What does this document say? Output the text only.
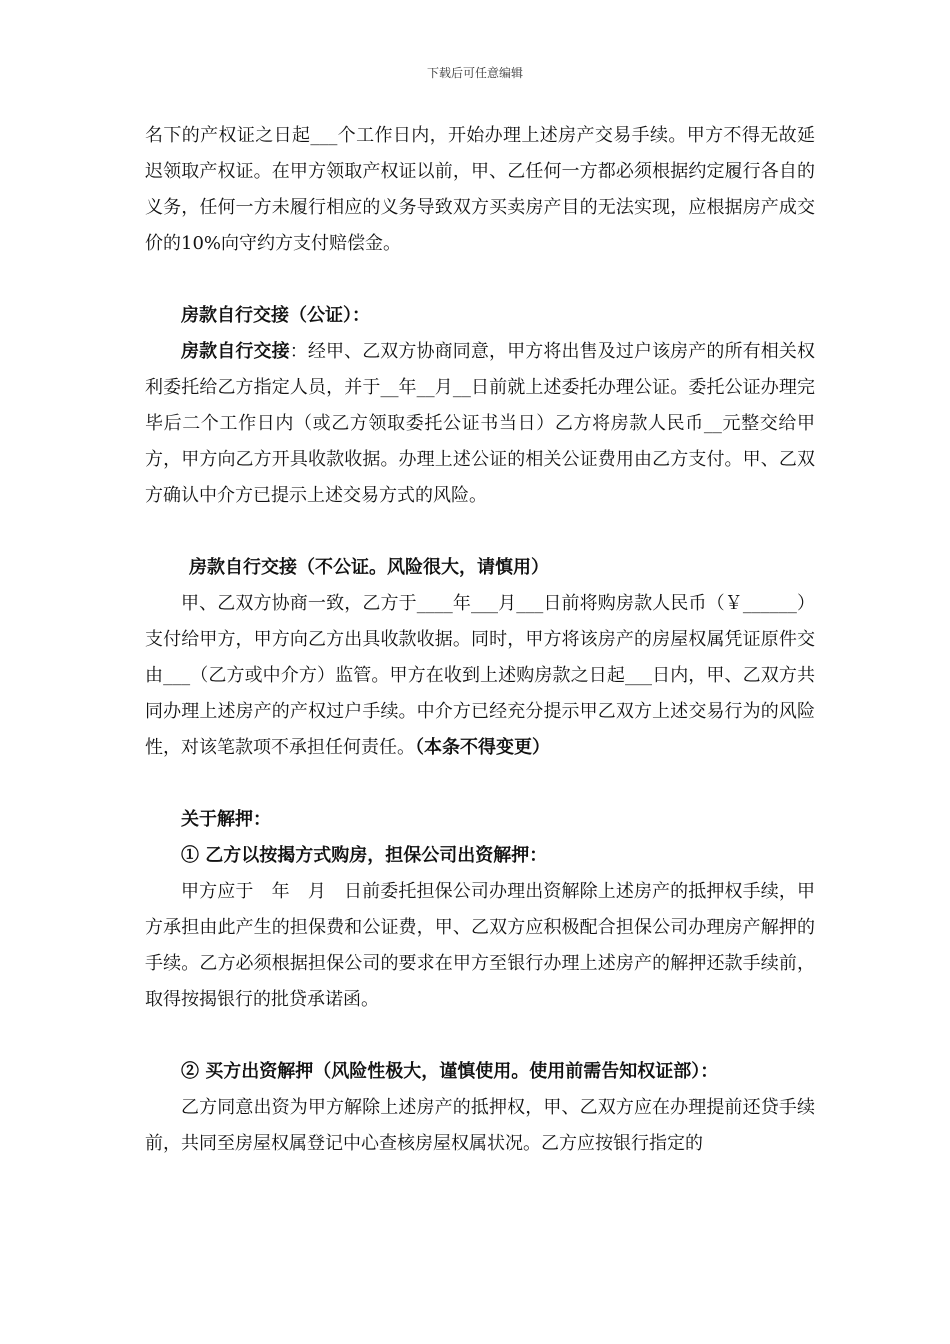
下载后可任意编辑

名下的产权证之日起___个工作日内，开始办理上述房产交易手续。甲方不得无故延迟领取产权证。在甲方领取产权证以前，甲、乙任何一方都必须根据约定履行各自的义务，任何一方未履行相应的义务导致双方买卖房产目的无法实现，应根据房产成交价的10%向守约方支付赔偿金。

房款自行交接（公证）：

房款自行交接：经甲、乙双方协商同意，甲方将出售及过户该房产的所有相关权利委托给乙方指定人员，并于__年__月__日前就上述委托办理公证。委托公证办理完毕后二个工作日内（或乙方领取委托公证书当日）乙方将房款人民币__元整交给甲方，甲方向乙方开具收款收据。办理上述公证的相关公证费用由乙方支付。甲、乙双方确认中介方已提示上述交易方式的风险。

房款自行交接（不公证。风险很大，请慎用）

甲、乙双方协商一致，乙方于____年___月___日前将购房款人民币（￥______）支付给甲方，甲方向乙方出具收款收据。同时，甲方将该房产的房屋权属凭证原件交由___（乙方或中介方）监管。甲方在收到上述购房款之日起___日内，甲、乙双方共同办理上述房产的产权过户手续。中介方已经充分提示甲乙双方上述交易行为的风险性，对该笔款项不承担任何责任。（本条不得变更）

关于解押：

① 乙方以按揭方式购房，担保公司出资解押：

甲方应于　年　月　日前委托担保公司办理出资解除上述房产的抵押权手续，甲方承担由此产生的担保费和公证费，甲、乙双方应积极配合担保公司办理房产解押的手续。乙方必须根据担保公司的要求在甲方至银行办理上述房产的解押还款手续前，取得按揭银行的批贷承诺函。

② 买方出资解押（风险性极大，谨慎使用。使用前需告知权证部）：

乙方同意出资为甲方解除上述房产的抵押权，甲、乙双方应在办理提前还贷手续前，共同至房屋权属登记中心查核房屋权属状况。乙方应按银行指定的
